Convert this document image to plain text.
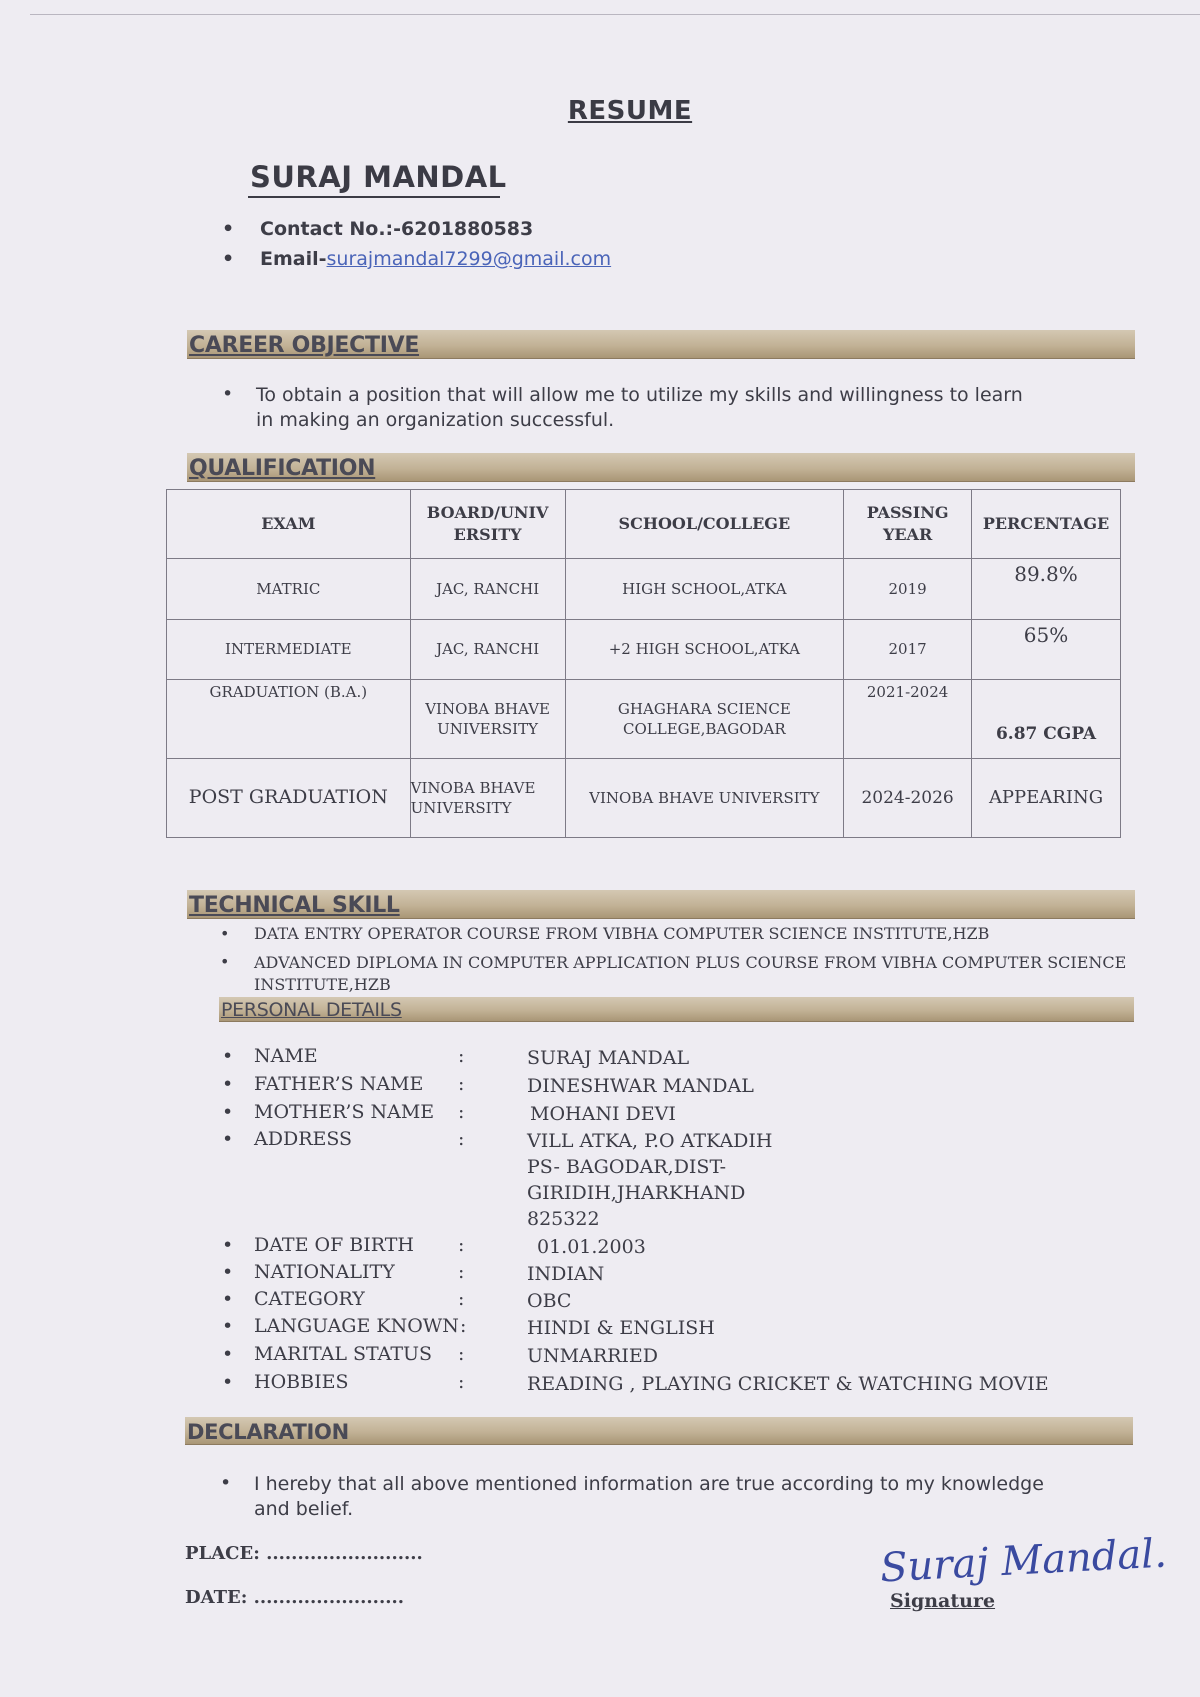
RESUME
SURAJ MANDAL
• Contact No.:-6201880583
• Email-surajmandal7299@gmail.com
CAREER OBJECTIVE
• To obtain a position that will allow me to utilize my skills and willingness to learn
in making an organization successful.
QUALIFICATION
EXAM	BOARD/UNIV ERSITY	SCHOOL/COLLEGE	PASSING YEAR	PERCENTAGE
MATRIC	JAC, RANCHI	HIGH SCHOOL,ATKA	2019	89.8%
INTERMEDIATE	JAC, RANCHI	+2 HIGH SCHOOL,ATKA	2017	65%
GRADUATION (B.A.)	VINOBA BHAVE UNIVERSITY	GHAGHARA SCIENCE COLLEGE,BAGODAR	2021-2024	6.87 CGPA
POST GRADUATION	VINOBA BHAVE UNIVERSITY	VINOBA BHAVE UNIVERSITY	2024-2026	APPEARING
TECHNICAL SKILL
• DATA ENTRY OPERATOR COURSE FROM VIBHA COMPUTER SCIENCE INSTITUTE,HZB
• ADVANCED DIPLOMA IN COMPUTER APPLICATION PLUS COURSE FROM VIBHA COMPUTER SCIENCE
INSTITUTE,HZB
PERSONAL DETAILS
• NAME	:	SURAJ MANDAL
• FATHER’S NAME :	DINESHWAR MANDAL
• MOTHER’S NAME :	MOHANI DEVI
• ADDRESS	:	VILL ATKA, P.O ATKADIH
PS- BAGODAR,DIST-
GIRIDIH,JHARKHAND
825322
• DATE OF BIRTH :	01.01.2003
• NATIONALITY	:	INDIAN
• CATEGORY	:	OBC
• LANGUAGE KNOWN :	HINDI & ENGLISH
• MARITAL STATUS :	UNMARRIED
• HOBBIES	:	READING , PLAYING CRICKET & WATCHING MOVIE
DECLARATION
• I hereby that all above mentioned information are true according to my knowledge
and belief.
PLACE: .........................
DATE: ........................
Suraj Mandal.
Signature
